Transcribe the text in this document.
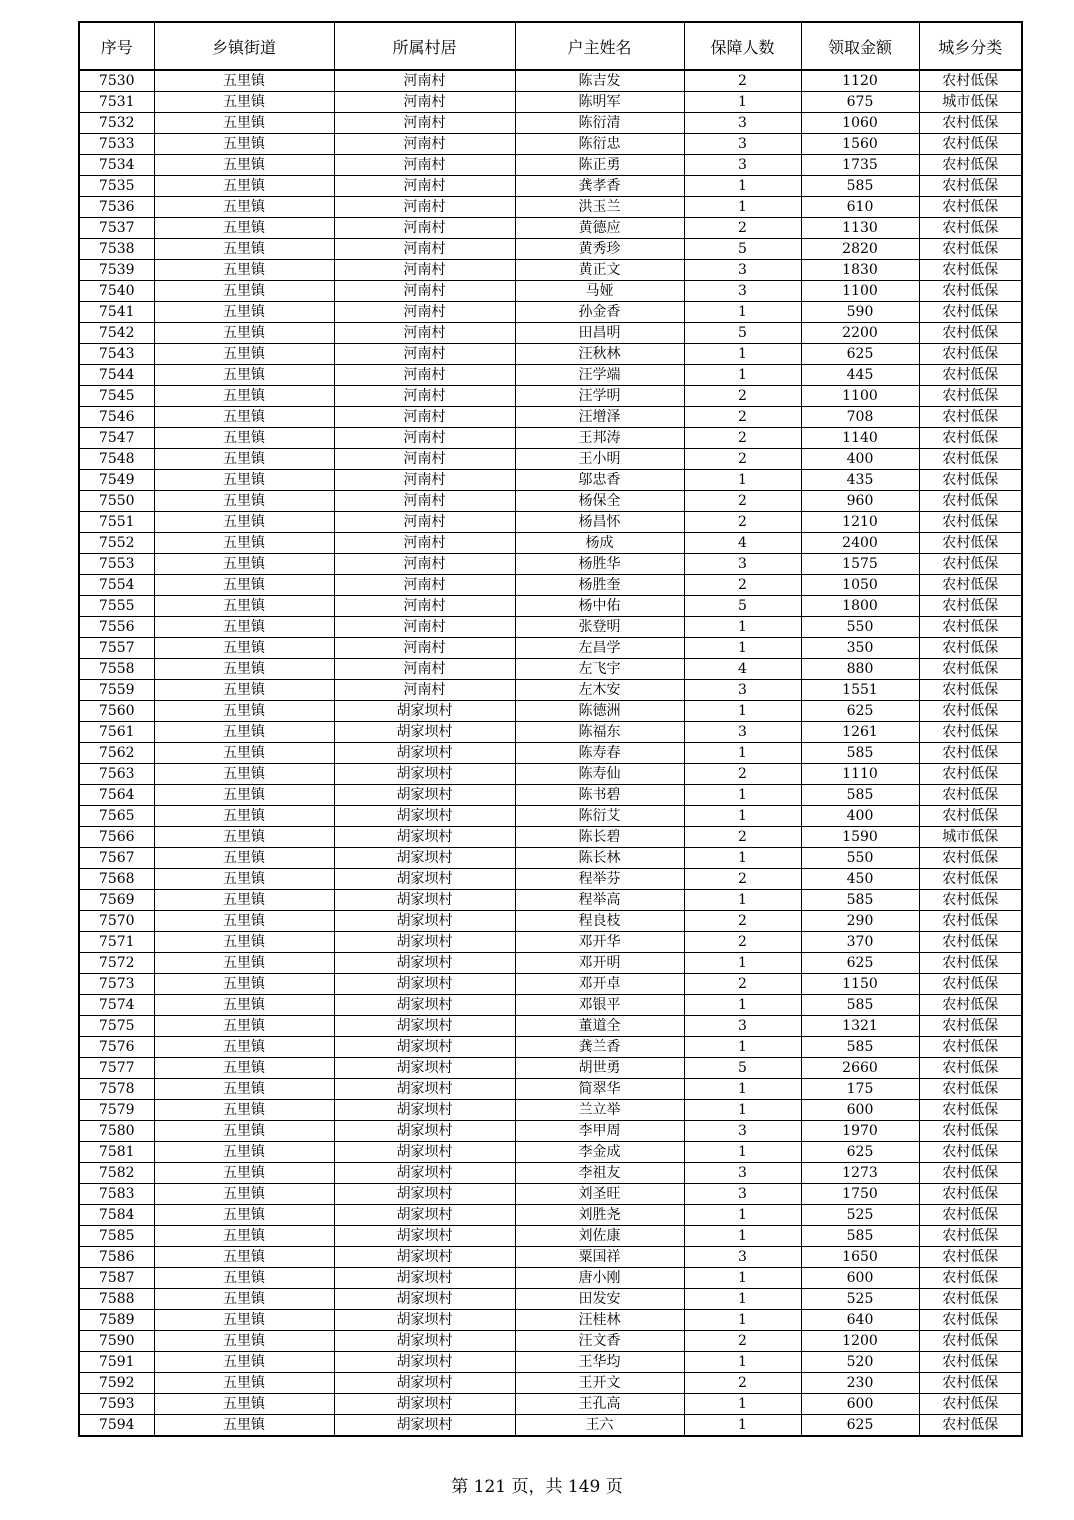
序号	乡镇街道	所属村居	户主姓名	保障人数	领取金额	城乡分类
7530	五里镇	河南村	陈吉发	2	1120	农村低保
7531	五里镇	河南村	陈明军	1	675	城市低保
7532	五里镇	河南村	陈衍清	3	1060	农村低保
7533	五里镇	河南村	陈衍忠	3	1560	农村低保
7534	五里镇	河南村	陈正勇	3	1735	农村低保
7535	五里镇	河南村	龚孝香	1	585	农村低保
7536	五里镇	河南村	洪玉兰	1	610	农村低保
7537	五里镇	河南村	黄德应	2	1130	农村低保
7538	五里镇	河南村	黄秀珍	5	2820	农村低保
7539	五里镇	河南村	黄正文	3	1830	农村低保
7540	五里镇	河南村	马娅	3	1100	农村低保
7541	五里镇	河南村	孙金香	1	590	农村低保
7542	五里镇	河南村	田昌明	5	2200	农村低保
7543	五里镇	河南村	汪秋林	1	625	农村低保
7544	五里镇	河南村	汪学端	1	445	农村低保
7545	五里镇	河南村	汪学明	2	1100	农村低保
7546	五里镇	河南村	汪增泽	2	708	农村低保
7547	五里镇	河南村	王邦涛	2	1140	农村低保
7548	五里镇	河南村	王小明	2	400	农村低保
7549	五里镇	河南村	邬忠香	1	435	农村低保
7550	五里镇	河南村	杨保全	2	960	农村低保
7551	五里镇	河南村	杨昌怀	2	1210	农村低保
7552	五里镇	河南村	杨成	4	2400	农村低保
7553	五里镇	河南村	杨胜华	3	1575	农村低保
7554	五里镇	河南村	杨胜奎	2	1050	农村低保
7555	五里镇	河南村	杨中佑	5	1800	农村低保
7556	五里镇	河南村	张登明	1	550	农村低保
7557	五里镇	河南村	左昌学	1	350	农村低保
7558	五里镇	河南村	左飞宇	4	880	农村低保
7559	五里镇	河南村	左木安	3	1551	农村低保
7560	五里镇	胡家坝村	陈德洲	1	625	农村低保
7561	五里镇	胡家坝村	陈福东	3	1261	农村低保
7562	五里镇	胡家坝村	陈寿春	1	585	农村低保
7563	五里镇	胡家坝村	陈寿仙	2	1110	农村低保
7564	五里镇	胡家坝村	陈书碧	1	585	农村低保
7565	五里镇	胡家坝村	陈衍艾	1	400	农村低保
7566	五里镇	胡家坝村	陈长碧	2	1590	城市低保
7567	五里镇	胡家坝村	陈长林	1	550	农村低保
7568	五里镇	胡家坝村	程举芬	2	450	农村低保
7569	五里镇	胡家坝村	程举高	1	585	农村低保
7570	五里镇	胡家坝村	程良枝	2	290	农村低保
7571	五里镇	胡家坝村	邓开华	2	370	农村低保
7572	五里镇	胡家坝村	邓开明	1	625	农村低保
7573	五里镇	胡家坝村	邓开卓	2	1150	农村低保
7574	五里镇	胡家坝村	邓银平	1	585	农村低保
7575	五里镇	胡家坝村	董道全	3	1321	农村低保
7576	五里镇	胡家坝村	龚兰香	1	585	农村低保
7577	五里镇	胡家坝村	胡世勇	5	2660	农村低保
7578	五里镇	胡家坝村	简翠华	1	175	农村低保
7579	五里镇	胡家坝村	兰立举	1	600	农村低保
7580	五里镇	胡家坝村	李甲周	3	1970	农村低保
7581	五里镇	胡家坝村	李金成	1	625	农村低保
7582	五里镇	胡家坝村	李祖友	3	1273	农村低保
7583	五里镇	胡家坝村	刘圣旺	3	1750	农村低保
7584	五里镇	胡家坝村	刘胜尧	1	525	农村低保
7585	五里镇	胡家坝村	刘佐康	1	585	农村低保
7586	五里镇	胡家坝村	粟国祥	3	1650	农村低保
7587	五里镇	胡家坝村	唐小刚	1	600	农村低保
7588	五里镇	胡家坝村	田发安	1	525	农村低保
7589	五里镇	胡家坝村	汪桂林	1	640	农村低保
7590	五里镇	胡家坝村	汪文香	2	1200	农村低保
7591	五里镇	胡家坝村	王华均	1	520	农村低保
7592	五里镇	胡家坝村	王开文	2	230	农村低保
7593	五里镇	胡家坝村	王孔高	1	600	农村低保
7594	五里镇	胡家坝村	王六	1	625	农村低保
第 121 页，共 149 页
